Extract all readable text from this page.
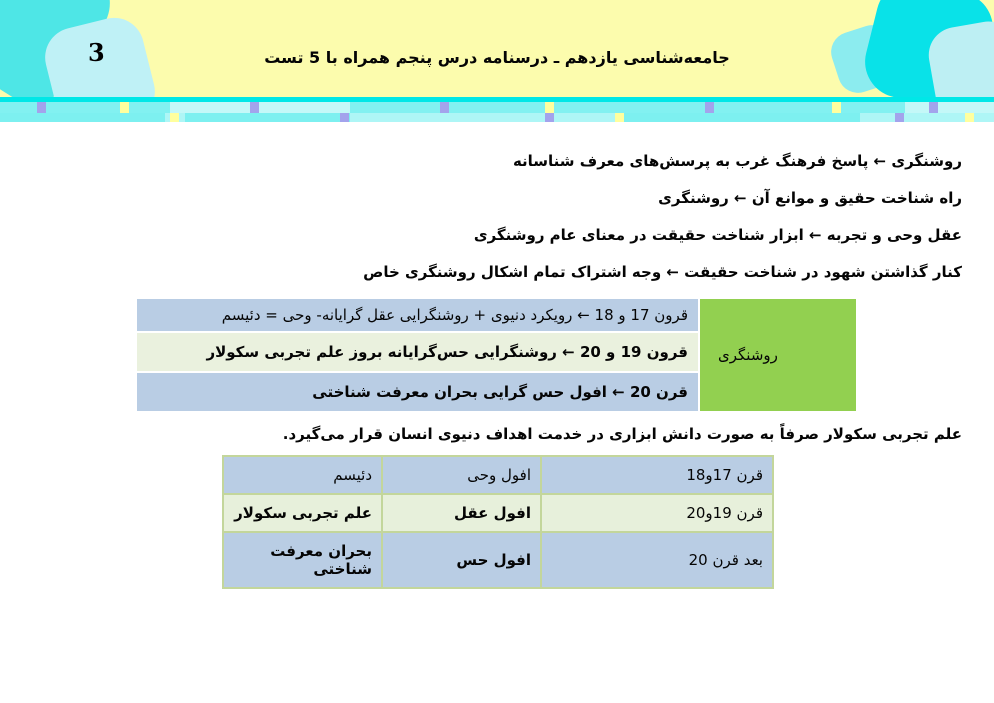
3	جامعه‌شناسی یازدهم ـ درسنامه درس پنجم همراه با 5 تست
روشنگری ← پاسخ فرهنگ غرب به پرسش‌های معرف شناسانه
راه شناخت حقیق و موانع آن ← روشنگری
عقل وحی و تجربه ← ابزار شناخت حقیقت در معنای عام روشنگری
کنار گذاشتن شهود در شناخت حقیقت ← وجه اشتراک تمام اشکال روشنگری خاص
روشنگری	قرون 17 و 18 ← رویکرد دنیوی + روشنگرایی عقل گرایانه- وحی = دئیسم
قرون 19 و 20 ← روشنگرایی حس‌گرایانه بروز علم تجربی سکولار
قرن 20 ← افول حس گرایی بحران معرفت شناختی
علم تجربی سکولار صرفاً به صورت دانش ابزاری در خدمت اهداف دنیوی انسان قرار می‌گیرد.
قرن 17و18	افول وحی	دئیسم
قرن 19و20	افول عقل	علم تجربی سکولار
بعد قرن 20	افول حس	بحران معرفت شناختی
